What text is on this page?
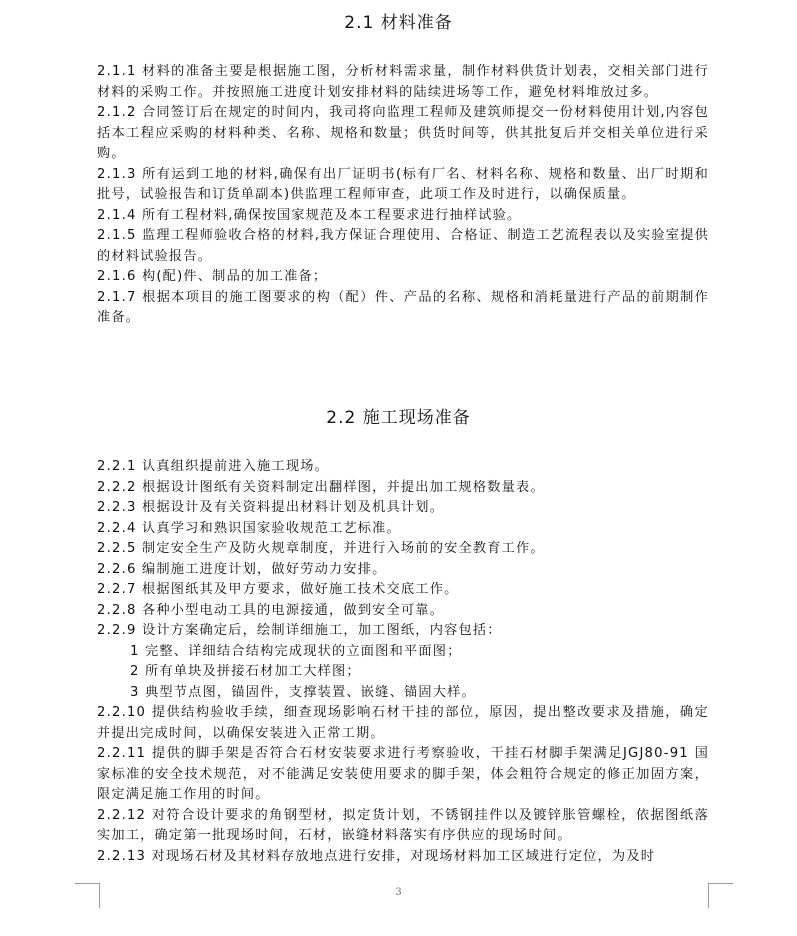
2.1 材料准备

2.1.1 材料的准备主要是根据施工图，分析材料需求量，制作材料供货计划表，交相关部门进行材料的采购工作。并按照施工进度计划安排材料的陆续进场等工作，避免材料堆放过多。

2.1.2 合同签订后在规定的时间内，我司将向监理工程师及建筑师提交一份材料使用计划,内容包括本工程应采购的材料种类、名称、规格和数量；供货时间等，供其批复后并交相关单位进行采购。

2.1.3 所有运到工地的材料,确保有出厂证明书(标有厂名、材料名称、规格和数量、出厂时期和批号，试验报告和订货单副本)供监理工程师审查，此项工作及时进行，以确保质量。

2.1.4 所有工程材料,确保按国家规范及本工程要求进行抽样试验。

2.1.5 监理工程师验收合格的材料,我方保证合理使用、合格证、制造工艺流程表以及实验室提供的材料试验报告。

2.1.6 构(配)件、制品的加工准备；

2.1.7 根据本项目的施工图要求的构（配）件、产品的名称、规格和消耗量进行产品的前期制作准备。

2.2 施工现场准备

2.2.1 认真组织提前进入施工现场。

2.2.2 根据设计图纸有关资料制定出翻样图，并提出加工规格数量表。

2.2.3 根据设计及有关资料提出材料计划及机具计划。

2.2.4 认真学习和熟识国家验收规范工艺标准。

2.2.5 制定安全生产及防火规章制度，并进行入场前的安全教育工作。

2.2.6 编制施工进度计划，做好劳动力安排。

2.2.7 根据图纸其及甲方要求，做好施工技术交底工作。

2.2.8 各种小型电动工具的电源接通，做到安全可靠。

2.2.9 设计方案确定后，绘制详细施工，加工图纸，内容包括：

1 完整、详细结合结构完成现状的立面图和平面图；

2 所有单块及拼接石材加工大样图；

3 典型节点图，锚固件，支撑装置、嵌缝、锚固大样。

2.2.10 提供结构验收手续，细查现场影响石材干挂的部位，原因，提出整改要求及措施，确定并提出完成时间，以确保安装进入正常工期。

2.2.11 提供的脚手架是否符合石材安装要求进行考察验收，干挂石材脚手架满足JGJ80-91 国家标准的安全技术规范，对不能满足安装使用要求的脚手架，体会粗符合规定的修正加固方案，限定满足施工作用的时间。

2.2.12 对符合设计要求的角钢型材，拟定货计划，不锈钢挂件以及镀锌胀管螺栓，依据图纸落实加工，确定第一批现场时间，石材，嵌缝材料落实有序供应的现场时间。

2.2.13 对现场石材及其材料存放地点进行安排，对现场材料加工区域进行定位，为及时

3
